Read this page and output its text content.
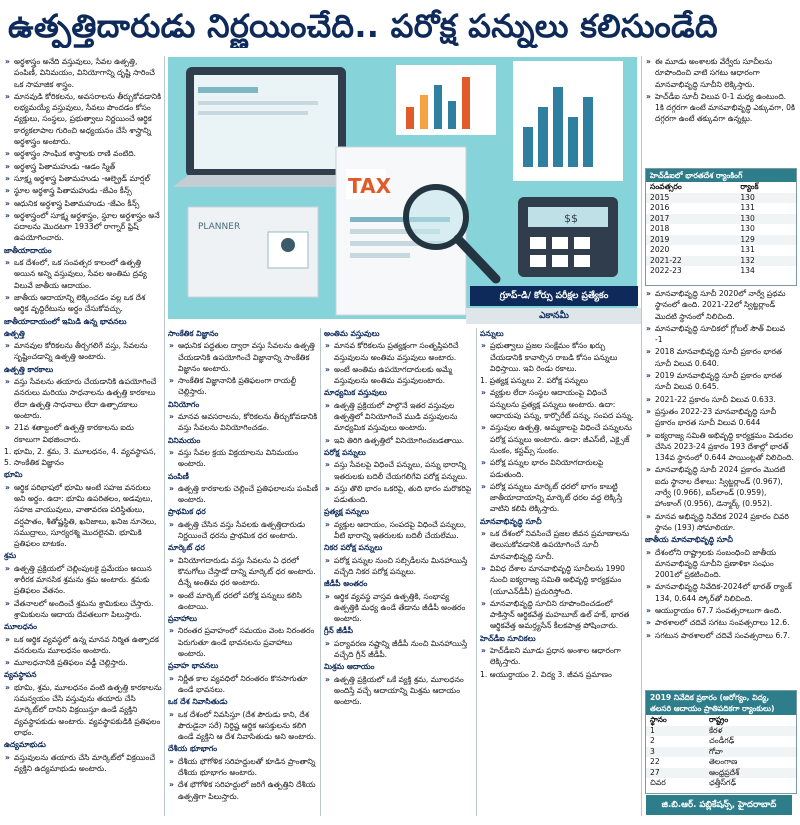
ఉత్పత్తిదారుడు నిర్ణయించేది.. పరోక్ష పన్నులు కలిసుండేది
TAX
PLANNER
$$
గ్రూప్-డి/ కోర్సు పరీక్షల ప్రత్యేకం
ఎకానమీ

» అర్థశాస్త్రం అనేది వస్తువులు, సేవల ఉత్పత్తి, పంపిణీ, వినిమయం, వినియోగాన్ని దృష్టి సారించే ఒక సామాజిక శాస్త్రం.

» మానవుడి కోరికలను, అవసరాలను తీర్చుకోవడానికి లభ్యమయ్యే వస్తువులు, సేవలు పొందడం కోసం వ్యక్తులు, సంస్థలు, ప్రభుత్వాలు నిర్ణయించే ఆర్థిక కార్యకలాపాల గురించి అధ్యయనం చేసే శాస్త్రాన్ని అర్థశాస్త్రం అంటారు.

» అర్థశాస్త్రం సాంఘిక శాస్త్రాలకు రాణి వంటిది.

» అర్థశాస్త్ర పితామహుడు -ఆడం స్మిత్

» సూక్ష్మ అర్థశాస్త్ర పితామహుడు -ఆల్ఫ్రెడ్ మార్షల్

» స్థూల అర్థశాస్త్ర పితామహుడు -జేఎం కీన్స్

» ఆధునిక అర్థశాస్త్ర పితామహుడు -జేఎం కీన్స్

» అర్థశాస్త్రంలో సూక్ష్మ అర్థశాస్త్రం, స్థూల అర్థశాస్త్రం అనే పదాలను మొదటగా 1933లో రాగ్నార్ ఫ్రిష్ ఉపయోగించారు.

జాతీయాదాయం

» ఒక దేశంలో, ఒక సంవత్సర కాలంలో ఉత్పత్తి అయిన అన్ని వస్తువులు, సేవల అంతిమ ద్రవ్య విలువే జాతీయ ఆదాయం.

» జాతీయ ఆదాయాన్ని లెక్కించడం వల్ల ఒక దేశ ఆర్థిక వృద్ధిరేటును అర్థం చేసుకోవచ్చు.

జాతీయాదాయంలో ఇమిడి ఉన్న భావనలు

ఉత్పత్తి

» మానవుల కోరికలను తీర్చగలిగే వస్తు, సేవలను సృష్టించడాన్ని ఉత్పత్తి అంటారు.

ఉత్పత్తి కారకాలు

» వస్తు సేవలను తయారు చేయడానికి ఉపయోగించే వనరులు మరియు సాధనాలను ఉత్పత్తి కారకాలు లేదా ఉత్పత్తి సాధనాలు లేదా ఉత్పాదకాలు అంటారు.

» 21వ శతాబ్దంలో ఉత్పత్తి కారకాలను ఐదు రకాలుగా విభజించారు.

1. భూమి, 2. శ్రమ, 3. మూలధనం, 4. వ్యవస్థాపన, 5. సాంకేతిక విజ్ఞానం

భూమి

» ఆర్థిక పరిభాషలో భూమి అంటే సహజ వనరులు అని అర్థం. ఉదా: భూమి ఉపరితలం, అడవులు, సహజ వాయువులు, వాతావరణ పరిస్థితులు, వర్షపాతం, శీతోష్ణస్థితి, ఖనిజాలు, ఖనిజ నూనెలు, సముద్రాలు, సూర్యరశ్మి మొదలైనవి. భూమికి ప్రతిఫలం బాటకం.

శ్రమ

» ఉత్పత్తి ప్రక్రియలో చెల్లింపులకై ప్రమేయం అయిన శారీరక మానసిక శ్రమను శ్రమ అంటారు. శ్రమకు ప్రతిఫలం వేతనం.

» వేతనాలలో అందించే శ్రమను శ్రామికులు చేస్తారు. శ్రామికులను ఆదాయ దేవతలుగా పిలుస్తారు.

మూలధనం

» ఒక ఆర్థిక వ్యవస్థలో ఉన్న మానవ నిర్మిత ఉత్పాదక వనరులను మూలధనం అంటారు.

» మూలధనానికి ప్రతిఫలం వడ్డీ చెల్లిస్తారు.

వ్యవస్థాపన

» భూమి, శ్రమ, మూలధనం వంటి ఉత్పత్తి కారకాలను సమన్వయం చేసి వస్తువును తయారు చేసి మార్కెట్‌లో దానిని విక్రయిస్తూ ఉండే వ్యక్తిని వ్యవస్థాపకుడు అంటారు. వ్యవస్థాపకుడికి ప్రతిఫలం లాభం.

ఉద్యమాభుడు

» వస్తువులను తయారు చేసి మార్కెట్‌లో విక్రయించే వ్యక్తిని ఉద్యమాభుడు అంటారు.

సాంకేతిక విజ్ఞానం

» ఆధునిక పద్ధతుల ద్వారా వస్తు సేవలను ఉత్పత్తి చేయడానికి ఉపయోగించే విజ్ఞానాన్ని సాంకేతిక విజ్ఞానం అంటారు.

» సాంకేతిక విజ్ఞానానికి ప్రతిఫలంగా రాయల్టీ చెల్లిస్తారు.

వినియోగం

» మానవ అవసరాలను, కోరికలను తీర్చుకోవడానికి వస్తు సేవలను వినియోగించడం.

వినిమయం

» వస్తు సేవల క్రయ విక్రయాలను వినిమయం అంటారు.

పంపిణీ

» ఉత్పత్తి కారకాలకు చెల్లించే ప్రతిఫలాలను పంపిణీ అంటారు.

ప్రాథమిక ధర

» ఉత్పత్తి చేసిన వస్తు సేవలకు ఉత్పత్తిదారుడు నిర్ణయించే ధరను ప్రాథమిక ధర అంటారు.

మార్కెట్ ధర

» వినియోగదారుడు వస్తు సేవలను ఏ ధరలో కొనుగోలు చేస్తాడో దాన్ని మార్కెట్ ధర అంటారు. దీన్నే అంతిమ ధర అంటారు.

» అంటే మార్కెట్ ధరలో పరోక్ష పన్నులు కలిసి ఉంటాయి.

ప్రవాహాలు

» నిరంతర ప్రవాహంలో సమయం వెంట నిరంతరం పెరుగుతూ ఉండే భావనలను ప్రవాహాలు అంటారు.

ప్రవాహ భావనలు

» నిర్ణీత కాల వ్యవధిలో నిరంతరం కొనసాగుతూ ఉండే భావనలు.

ఒక దేశ నివాసితుడు

» ఒక దేశంలో నివసిస్తూ (దేశ పౌరుడు కాని, దేశ పౌరుడైనా సరే) నిర్దిష్ట ఆర్థిక ఆసక్తులను కలిగి ఉండే వ్యక్తిని ఆ దేశ నివాసితుడు అని అంటారు.

దేశీయ భూభాగం

» దేశీయ భౌగోళిక సరిహద్దులతో కూడిన ప్రాంతాన్ని దేశీయ భూభాగం అంటారు.

» దేశ భౌగోళిక సరిహద్దులో జరిగే ఉత్పత్తిని దేశీయ ఉత్పత్తిగా పిలుస్తారు.

అంతిమ వస్తువులు

» మానవ కోరికలను ప్రత్యక్షంగా సంతృప్తిపరిచే వస్తువులను అంతిమ వస్తువులు అంటారు.

» అంటే అంతిమ ఉపయోగదారులకు అమ్మే వస్తువులను అంతిమ వస్తువులంటారు.

మాధ్యమిక వస్తువులు

» ఉత్పత్తి ప్రక్రియలో పాల్గొనే ఇతర వస్తువుల ఉత్పత్తిలో వినియోగించే ముడి వస్తువులను మాధ్యమిక వస్తువులు అంటారు.

» ఇవి తిరిగి ఉత్పత్తిలో వినియోగించబడతాయి.

పరోక్ష పన్నులు

» వస్తు సేవలపై విధించే పన్నులు, పన్ను భారాన్ని ఇతరులకు బదిలీ చేయగలిగేవి పరోక్ష పన్నులు.

» వస్తు తొలి భారం ఒకరిపై, తుది భారం మరొకరిపై పడుతుంది.

ప్రత్యక్ష పన్నులు

» వ్యక్తుల ఆదాయం, సంపదపై విధించే పన్నులు, వీటి భారాన్ని ఇతరులకు బదిలీ చేయలేము.

నికర పరోక్ష పన్నులు

» పరోక్ష పన్నుల నుంచి సబ్సిడీలను మినహాయిస్తే వచ్చేది నికర పరోక్ష పన్నులు.

జీడీపీ అంతరం

» ఆర్థిక వ్యవస్థ వాస్తవ ఉత్పత్తికి, సంభావ్య ఉత్పత్తికి మధ్య ఉండే తేడాను జీడీపీ అంతరం అంటారు.

గ్రీన్ జీడీపీ

» పర్యావరణ నష్టాన్ని జీడీపీ నుంచి మినహాయిస్తే వచ్చేది గ్రీన్ జీడీపీ.

మిశ్రమ ఆదాయం

» ఉత్పత్తి ప్రక్రియలో ఒకే వ్యక్తి శ్రమ, మూలధనం అందిస్తే వచ్చే ఆదాయాన్ని మిశ్రమ ఆదాయం అంటారు.

పన్నులు

» ప్రభుత్వాలు ప్రజల సంక్షేమం కోసం ఖర్చు చేయడానికి కావాల్సిన రాబడి కోసం పన్నులు విధిస్తాయి. ఇవి రెండు రకాలు.

1. ప్రత్యక్ష పన్నులు 2. పరోక్ష పన్నులు

» వ్యక్తుల లేదా సంస్థల ఆదాయంపై విధించే పన్నులను ప్రత్యక్ష పన్నులు అంటారు. ఉదా: ఆదాయపు పన్ను, కార్పొరేట్ పన్ను, సంపద పన్ను.

» వస్తువుల ఉత్పత్తి, అమ్మకాలపై విధించే పన్నులను పరోక్ష పన్నులు అంటారు. ఉదా: జీఎస్‌టీ, ఎక్సైజ్ సుంకం, కస్టమ్స్ సుంకం.

» పరోక్ష పన్నుల భారం వినియోగదారులపై పడుతుంది.

» పరోక్ష పన్నులు మార్కెట్ ధరలో భాగం కాబట్టి జాతీయాదాయాన్ని మార్కెట్ ధరల వద్ద లెక్కిస్తే వాటిని కలిపి లెక్కిస్తారు.

మానవాభివృద్ధి సూచీ

» ఒక దేశంలో నివసించే ప్రజల జీవన ప్రమాణాలను తెలుసుకోవడానికి ఉపయోగించే సూచీ మానవాభివృద్ధి సూచీ.

» వివిధ దేశాల మానవాభివృద్ధి సూచీలను 1990 నుంచి ఐక్యరాజ్య సమితి అభివృద్ధి కార్యక్రమం (యూఎన్‌డీపీ) ప్రచురిస్తోంది.

» మానవాభివృద్ధి సూచిని రూపొందించడంలో పాకిస్తాన్ ఆర్థికవేత్త మహబూబ్ ఉల్ హక్, భారత ఆర్థికవేత్త అమర్త్యసేన్ కీలకపాత్ర పోషించారు.

హెచ్‌డీఐ సూచికలు

» హెచ్‌డీఐని మూడు ప్రధాన అంశాల ఆధారంగా లెక్కిస్తారు.

1. ఆయుర్దాయం 2. విద్య 3. జీవన ప్రమాణం

» ఈ మూడు అంశాలకు వేర్వేరు సూచీలను రూపొందించి వాటి సగటు ఆధారంగా మానవాభివృద్ధి సూచీని లెక్కిస్తారు.

» హెచ్‌డీఐ సూచీ విలువ 0-1 మధ్య ఉంటుంది. 1కి దగ్గరగా ఉంటే మానవాభివృద్ధి ఎక్కువగా, 0కి దగ్గరగా ఉంటే తక్కువగా ఉన్నట్లు.

హెచ్‌డీఐలో భారతదేశ ర్యాంకింగ్
సంవత్సరం	ర్యాంక్
2015	130
2016	131
2017	130
2018	130
2019	129
2020	131
2021-22	132
2022-23	134

» మానవాభివృద్ధి సూచీ 2020లో నార్వే ప్రథమ స్థానంలో ఉంది. 2021-22లో స్విట్జర్లాండ్ మొదటి స్థానంలో నిలిచింది.

» మానవాభివృద్ధి సూచికలో గ్లోబల్ సౌత్ విలువ -1

» 2018 మానవాభివృద్ధి సూచీ ప్రకారం భారత సూచీ విలువ 0.640.

» 2019 మానవాభివృద్ధి సూచీ ప్రకారం భారత సూచీ విలువ 0.645.

» 2021-22 ప్రకారం సూచీ విలువ 0.633.

» ప్రస్తుతం 2022-23 మానవాభివృద్ధి సూచీ ప్రకారం భారత సూచీ విలువ 0.644

» ఐక్యరాజ్య సమితి అభివృద్ధి కార్యక్రమం విడుదల చేసిన 2023-24 ప్రకారం 193 దేశాల్లో భారత్ 134వ స్థానంలో 0.644 పాయింట్లతో నిలిచింది.

» మానవాభివృద్ధి సూచీ 2024 ప్రకారం మొదటి ఐదు స్థానాల దేశాలు: స్విట్జర్లాండ్ (0.967), నార్వే (0.966), ఐస్‌లాండ్ (0.959), హాంకాంగ్ (0.956), డెన్మార్క్ (0.952).

» మానవ అభివృద్ధి నివేదిక 2024 ప్రకారం చివరి స్థానం (193) సోమాలియా.

జాతీయ మానవాభివృద్ధి సూచీ

» దేశంలోని రాష్ట్రాలకు సంబంధించి జాతీయ మానవాభివృద్ధి సూచీని ప్రణాళికా సంఘం 2001లో ప్రకటించింది.

» మానవాభివృద్ధి నివేదిక-2024లో భారత్ ర్యాంక్ 134, 0.644 స్కోర్‌తో నిలిచింది.

» ఆయుర్దాయం 67.7 సంవత్సరాలుగా ఉంది.

» పాఠశాలలో చదివే సగటు సంవత్సరాలు 12.6.

» సగటున పాఠశాలలో చదివే సంవత్సరాలు 6.7.

2019 నివేదిక ప్రకారం (ఆరోగ్యం, విద్య, తలసరి ఆదాయం ప్రాతిపదికగా ర్యాంకులు)
స్థానం	రాష్ట్రం
1	కేరళ
2	చండీగఢ్
3	గోవా
22	తెలంగాణ
27	ఆంధ్రప్రదేశ్
చివర	ఛత్తీస్‌గఢ్
జి.బి.ఆర్. పబ్లికేషన్స్, హైదరాబాద్
